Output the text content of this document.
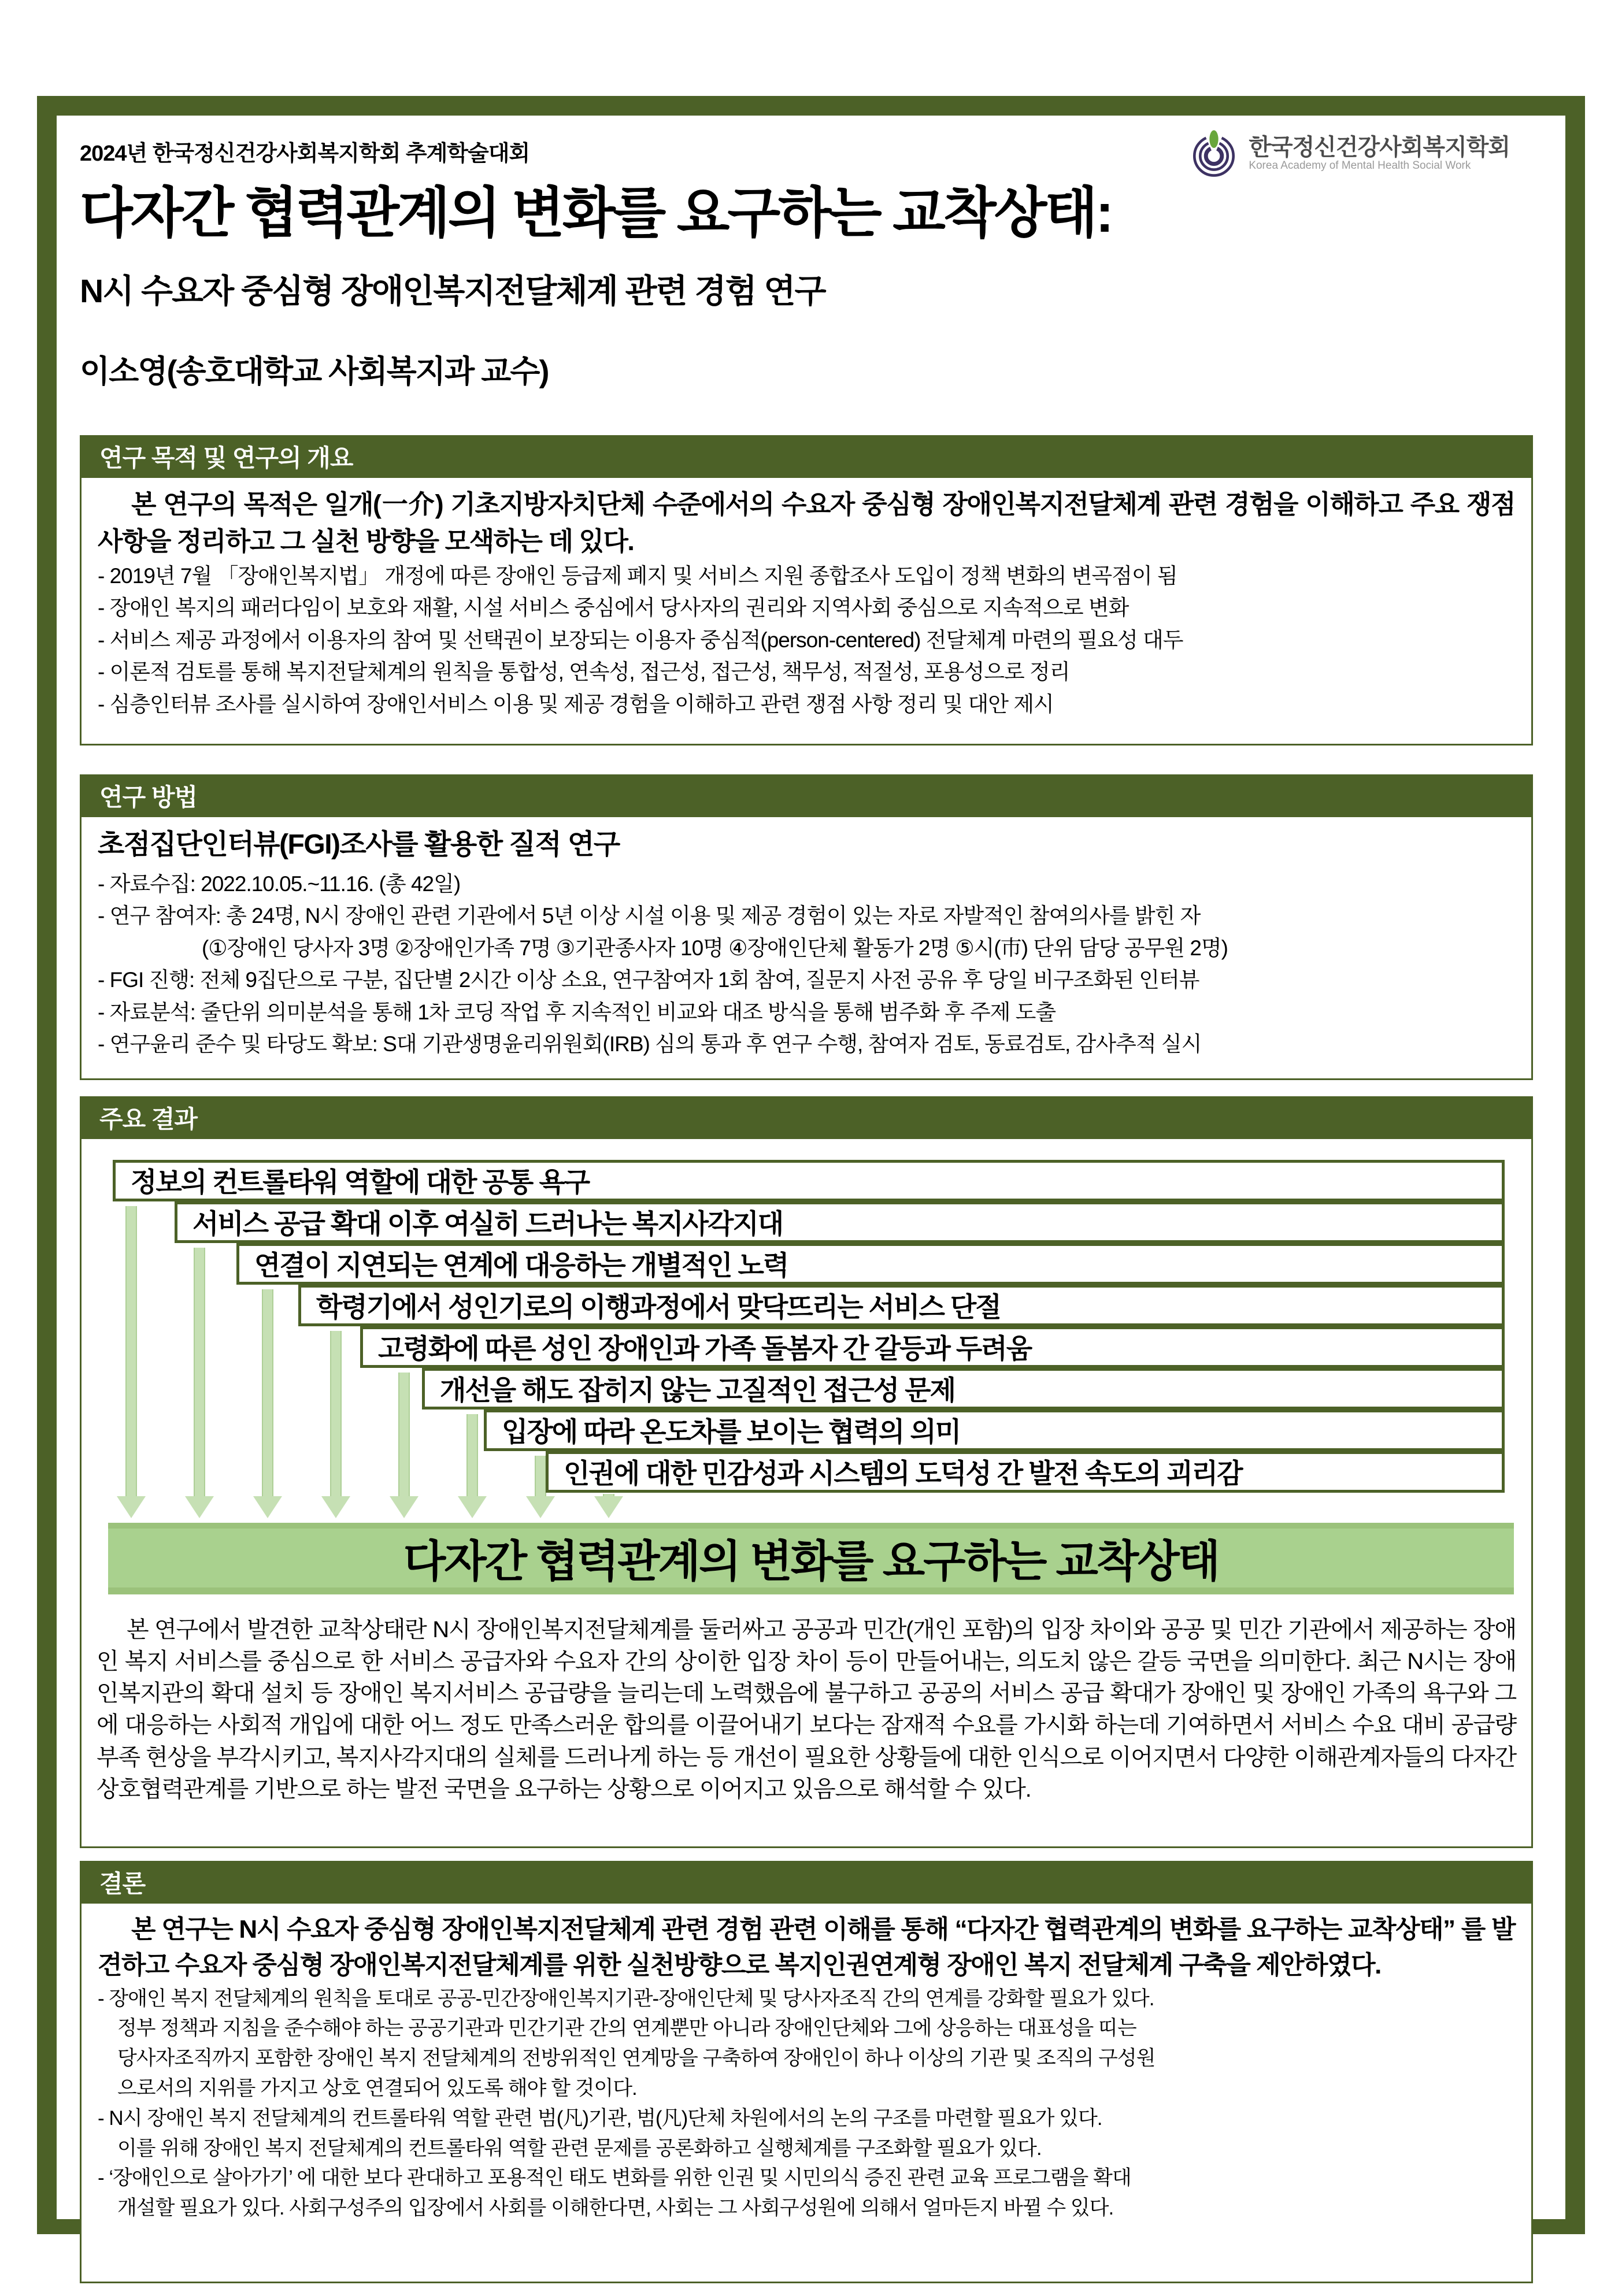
2024년 한국정신건강사회복지학회 추계학술대회	한국정신건강사회복지학회
Korea Academy of Mental Health Social Work
다자간 협력관계의 변화를 요구하는 교착상태:
N시 수요자 중심형 장애인복지전달체계 관련 경험 연구
이소영(송호대학교 사회복지과 교수)
연구 목적 및 연구의 개요
본 연구의 목적은 일개(一介) 기초지방자치단체 수준에서의 수요자 중심형 장애인복지전달체계 관련 경험을 이해하고 주요 쟁점 사항을 정리하고 그 실천 방향을 모색하는 데 있다.
- 2019년 7월 「장애인복지법」 개정에 따른 장애인 등급제 폐지 및 서비스 지원 종합조사 도입이 정책 변화의 변곡점이 됨
- 장애인 복지의 패러다임이 보호와 재활, 시설 서비스 중심에서 당사자의 권리와 지역사회 중심으로 지속적으로 변화
- 서비스 제공 과정에서 이용자의 참여 및 선택권이 보장되는 이용자 중심적(person-centered) 전달체계 마련의 필요성 대두
- 이론적 검토를 통해 복지전달체계의 원칙을 통합성, 연속성, 접근성, 접근성, 책무성, 적절성, 포용성으로 정리
- 심층인터뷰 조사를 실시하여 장애인서비스 이용 및 제공 경험을 이해하고 관련 쟁점 사항 정리 및 대안 제시
연구 방법
초점집단인터뷰(FGI)조사를 활용한 질적 연구
- 자료수집: 2022.10.05.~11.16. (총 42일)
- 연구 참여자: 총 24명, N시 장애인 관련 기관에서 5년 이상 시설 이용 및 제공 경험이 있는 자로 자발적인 참여의사를 밝힌 자
　　　　　(①장애인 당사자 3명 ②장애인가족 7명 ③기관종사자 10명 ④장애인단체 활동가 2명 ⑤시(市) 단위 담당 공무원 2명)
- FGI 진행: 전체 9집단으로 구분, 집단별 2시간 이상 소요, 연구참여자 1회 참여, 질문지 사전 공유 후 당일 비구조화된 인터뷰
- 자료분석: 줄단위 의미분석을 통해 1차 코딩 작업 후 지속적인 비교와 대조 방식을 통해 범주화 후 주제 도출
- 연구윤리 준수 및 타당도 확보: S대 기관생명윤리위원회(IRB) 심의 통과 후 연구 수행, 참여자 검토, 동료검토, 감사추적 실시
주요 결과
정보의 컨트롤타워 역할에 대한 공통 욕구
서비스 공급 확대 이후 여실히 드러나는 복지사각지대
연결이 지연되는 연계에 대응하는 개별적인 노력
학령기에서 성인기로의 이행과정에서 맞닥뜨리는 서비스 단절
고령화에 따른 성인 장애인과 가족 돌봄자 간 갈등과 두려움
개선을 해도 잡히지 않는 고질적인 접근성 문제
입장에 따라 온도차를 보이는 협력의 의미
인권에 대한 민감성과 시스템의 도덕성 간 발전 속도의 괴리감
다자간 협력관계의 변화를 요구하는 교착상태
본 연구에서 발견한 교착상태란 N시 장애인복지전달체계를 둘러싸고 공공과 민간(개인 포함)의 입장 차이와 공공 및 민간 기관에서 제공하는 장애인 복지 서비스를 중심으로 한 서비스 공급자와 수요자 간의 상이한 입장 차이 등이 만들어내는, 의도치 않은 갈등 국면을 의미한다. 최근 N시는 장애인복지관의 확대 설치 등 장애인 복지서비스 공급량을 늘리는데 노력했음에 불구하고 공공의 서비스 공급 확대가 장애인 및 장애인 가족의 욕구와 그에 대응하는 사회적 개입에 대한 어느 정도 만족스러운 합의를 이끌어내기 보다는 잠재적 수요를 가시화 하는데 기여하면서 서비스 수요 대비 공급량 부족 현상을 부각시키고, 복지사각지대의 실체를 드러나게 하는 등 개선이 필요한 상황들에 대한 인식으로 이어지면서 다양한 이해관계자들의 다자간 상호협력관계를 기반으로 하는 발전 국면을 요구하는 상황으로 이어지고 있음으로 해석할 수 있다.
결론
본 연구는 N시 수요자 중심형 장애인복지전달체계 관련 경험 관련 이해를 통해 “다자간 협력관계의 변화를 요구하는 교착상태” 를 발견하고 수요자 중심형 장애인복지전달체계를 위한 실천방향으로 복지인권연계형 장애인 복지 전달체계 구축을 제안하였다.
- 장애인 복지 전달체계의 원칙을 토대로 공공-민간장애인복지기관-장애인단체 및 당사자조직 간의 연계를 강화할 필요가 있다.
　정부 정책과 지침을 준수해야 하는 공공기관과 민간기관 간의 연계뿐만 아니라 장애인단체와 그에 상응하는 대표성을 띠는
　당사자조직까지 포함한 장애인 복지 전달체계의 전방위적인 연계망을 구축하여 장애인이 하나 이상의 기관 및 조직의 구성원
　으로서의 지위를 가지고 상호 연결되어 있도록 해야 할 것이다.
- N시 장애인 복지 전달체계의 컨트롤타워 역할 관련 범(凡)기관, 범(凡)단체 차원에서의 논의 구조를 마련할 필요가 있다.
　이를 위해 장애인 복지 전달체계의 컨트롤타워 역할 관련 문제를 공론화하고 실행체계를 구조화할 필요가 있다.
- ‘장애인으로 살아가기’ 에 대한 보다 관대하고 포용적인 태도 변화를 위한 인권 및 시민의식 증진 관련 교육 프로그램을 확대
　개설할 필요가 있다. 사회구성주의 입장에서 사회를 이해한다면, 사회는 그 사회구성원에 의해서 얼마든지 바뀔 수 있다.
